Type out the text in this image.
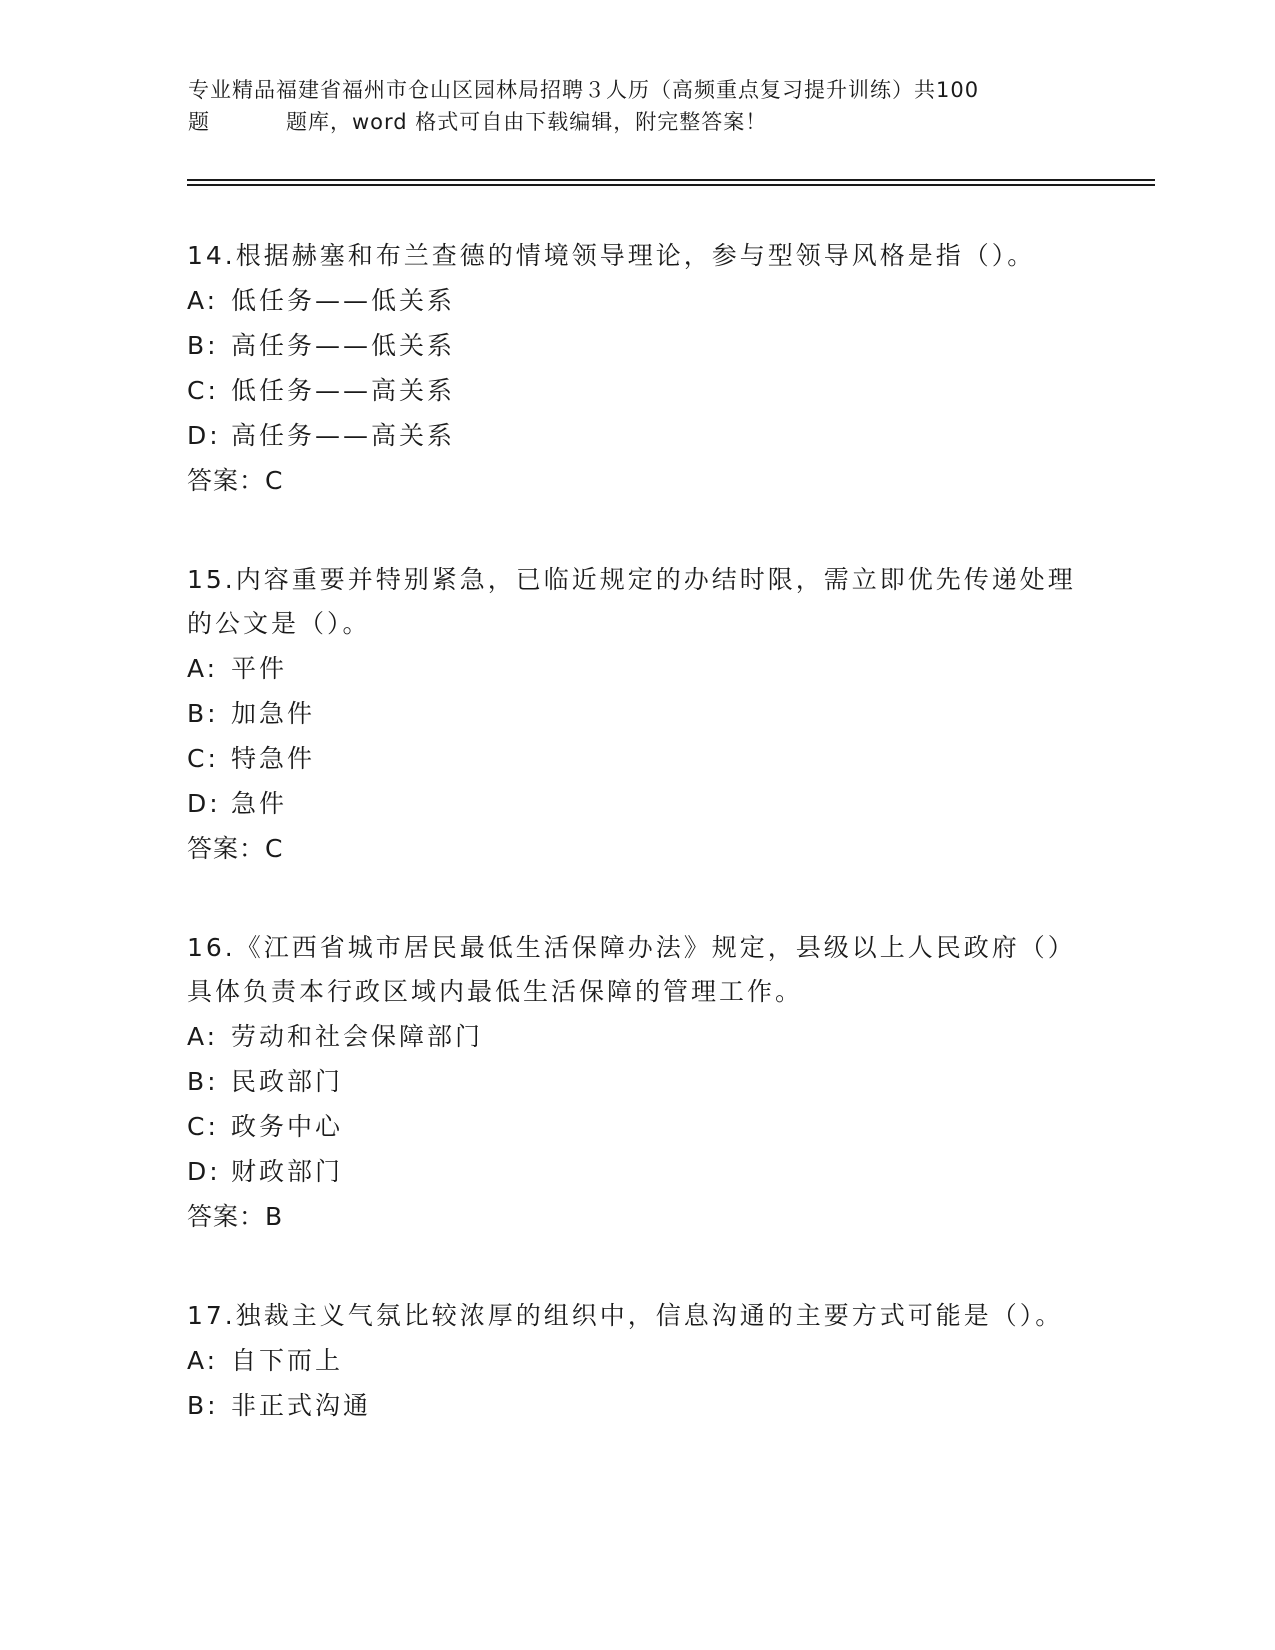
专业精品福建省福州市仓山区园林局招聘３人历（高频重点复习提升训练）共100
题	题库，word 格式可自由下载编辑，附完整答案！

14.根据赫塞和布兰查德的情境领导理论，参与型领导风格是指（）。

A: 低任务——低关系

B: 高任务——低关系

C: 低任务——高关系

D: 高任务——高关系

答案：C

15.内容重要并特别紧急，已临近规定的办结时限，需立即优先传递处理的公文是（）。

A: 平件

B: 加急件

C: 特急件

D: 急件

答案：C

16.《江西省城市居民最低生活保障办法》规定，县级以上人民政府（）具体负责本行政区域内最低生活保障的管理工作。

A: 劳动和社会保障部门

B: 民政部门

C: 政务中心

D: 财政部门

答案：B

17.独裁主义气氛比较浓厚的组织中，信息沟通的主要方式可能是（）。

A: 自下而上

B: 非正式沟通
